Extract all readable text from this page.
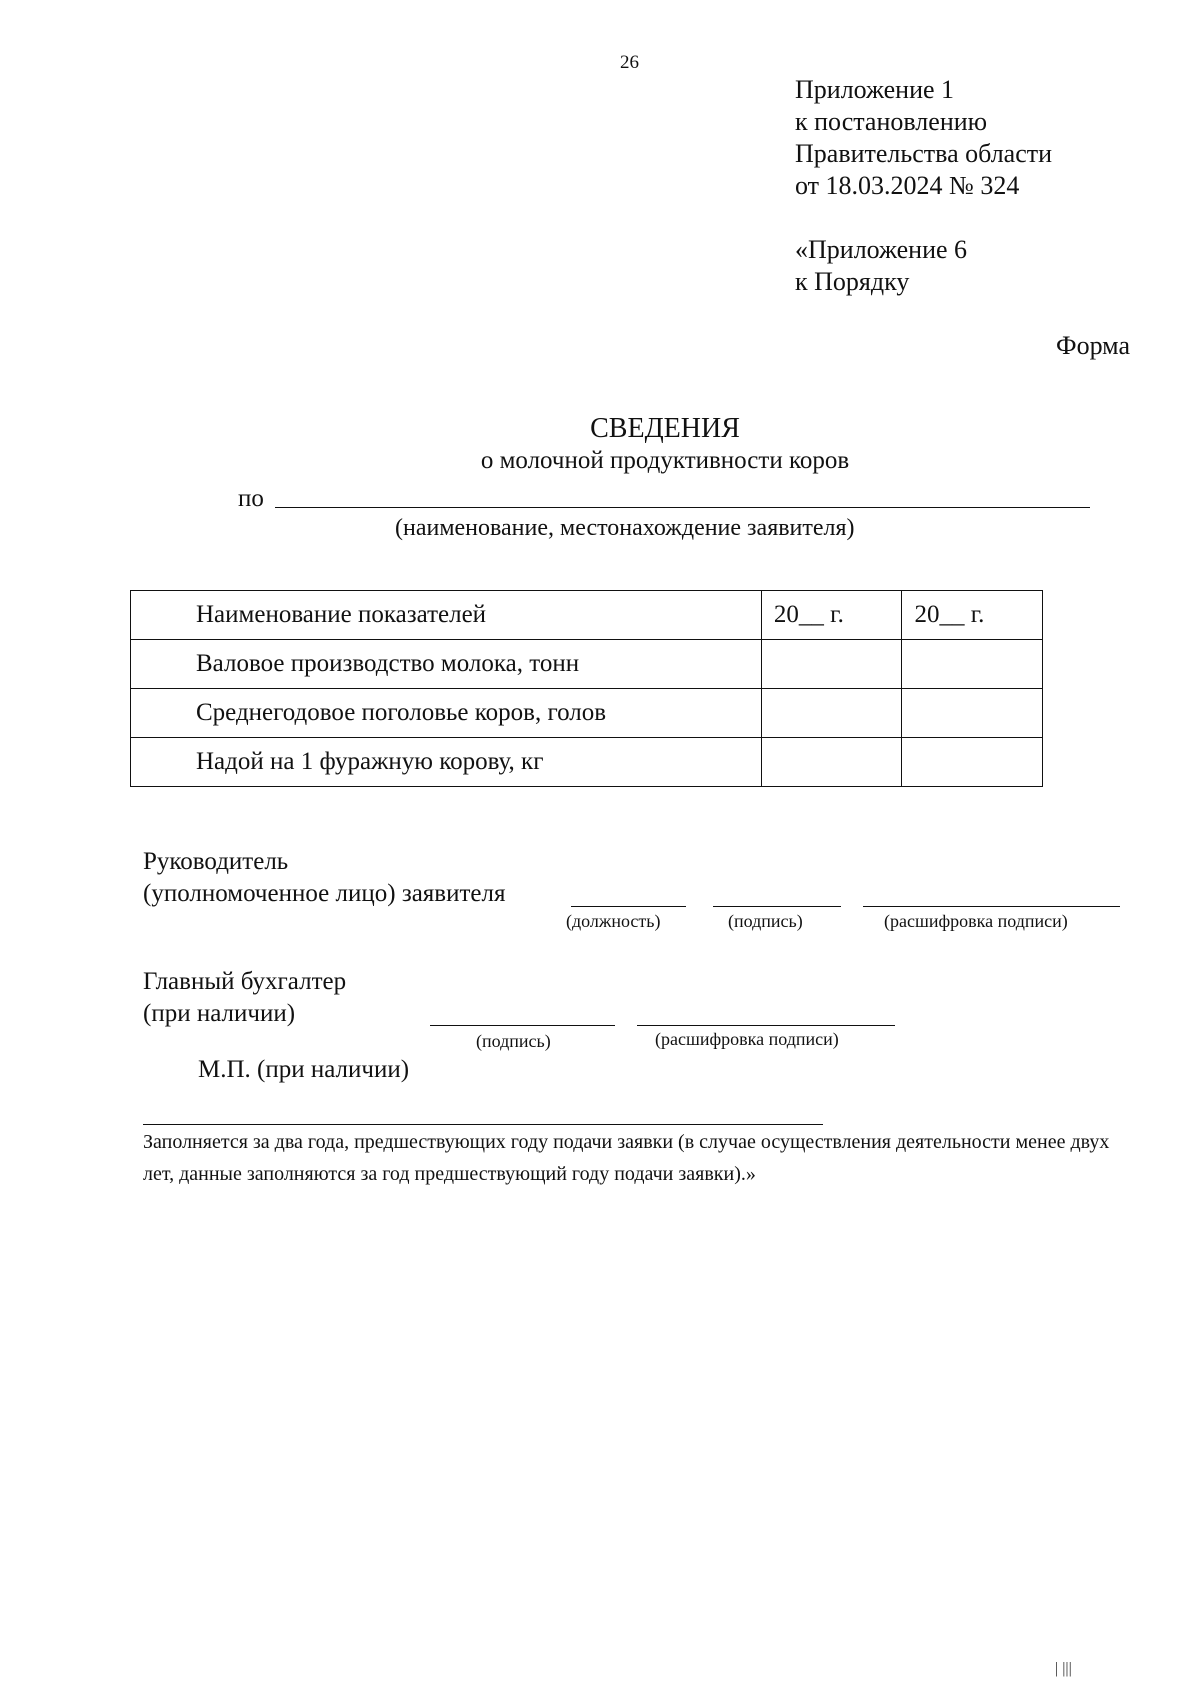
26
Приложение 1
к постановлению
Правительства области
от 18.03.2024 № 324
«Приложение 6
к Порядку
Форма
СВЕДЕНИЯ
о молочной продуктивности коров
по
(наименование, местонахождение заявителя)
Наименование показателей	20__ г.	20__ г.
Валовое производство молока, тонн		
Среднегодовое поголовье коров, голов		
Надой на 1 фуражную корову, кг		
Руководитель
(уполномоченное лицо) заявителя
(должность)	(подпись)	(расшифровка подписи)
Главный бухгалтер
(при наличии)
(подпись)	(расшифровка подписи)
М.П. (при наличии)
Заполняется за два года, предшествующих году подачи заявки (в случае осуществления деятельности менее двух лет, данные заполняются за год предшествующий году подачи заявки).»
| |||
